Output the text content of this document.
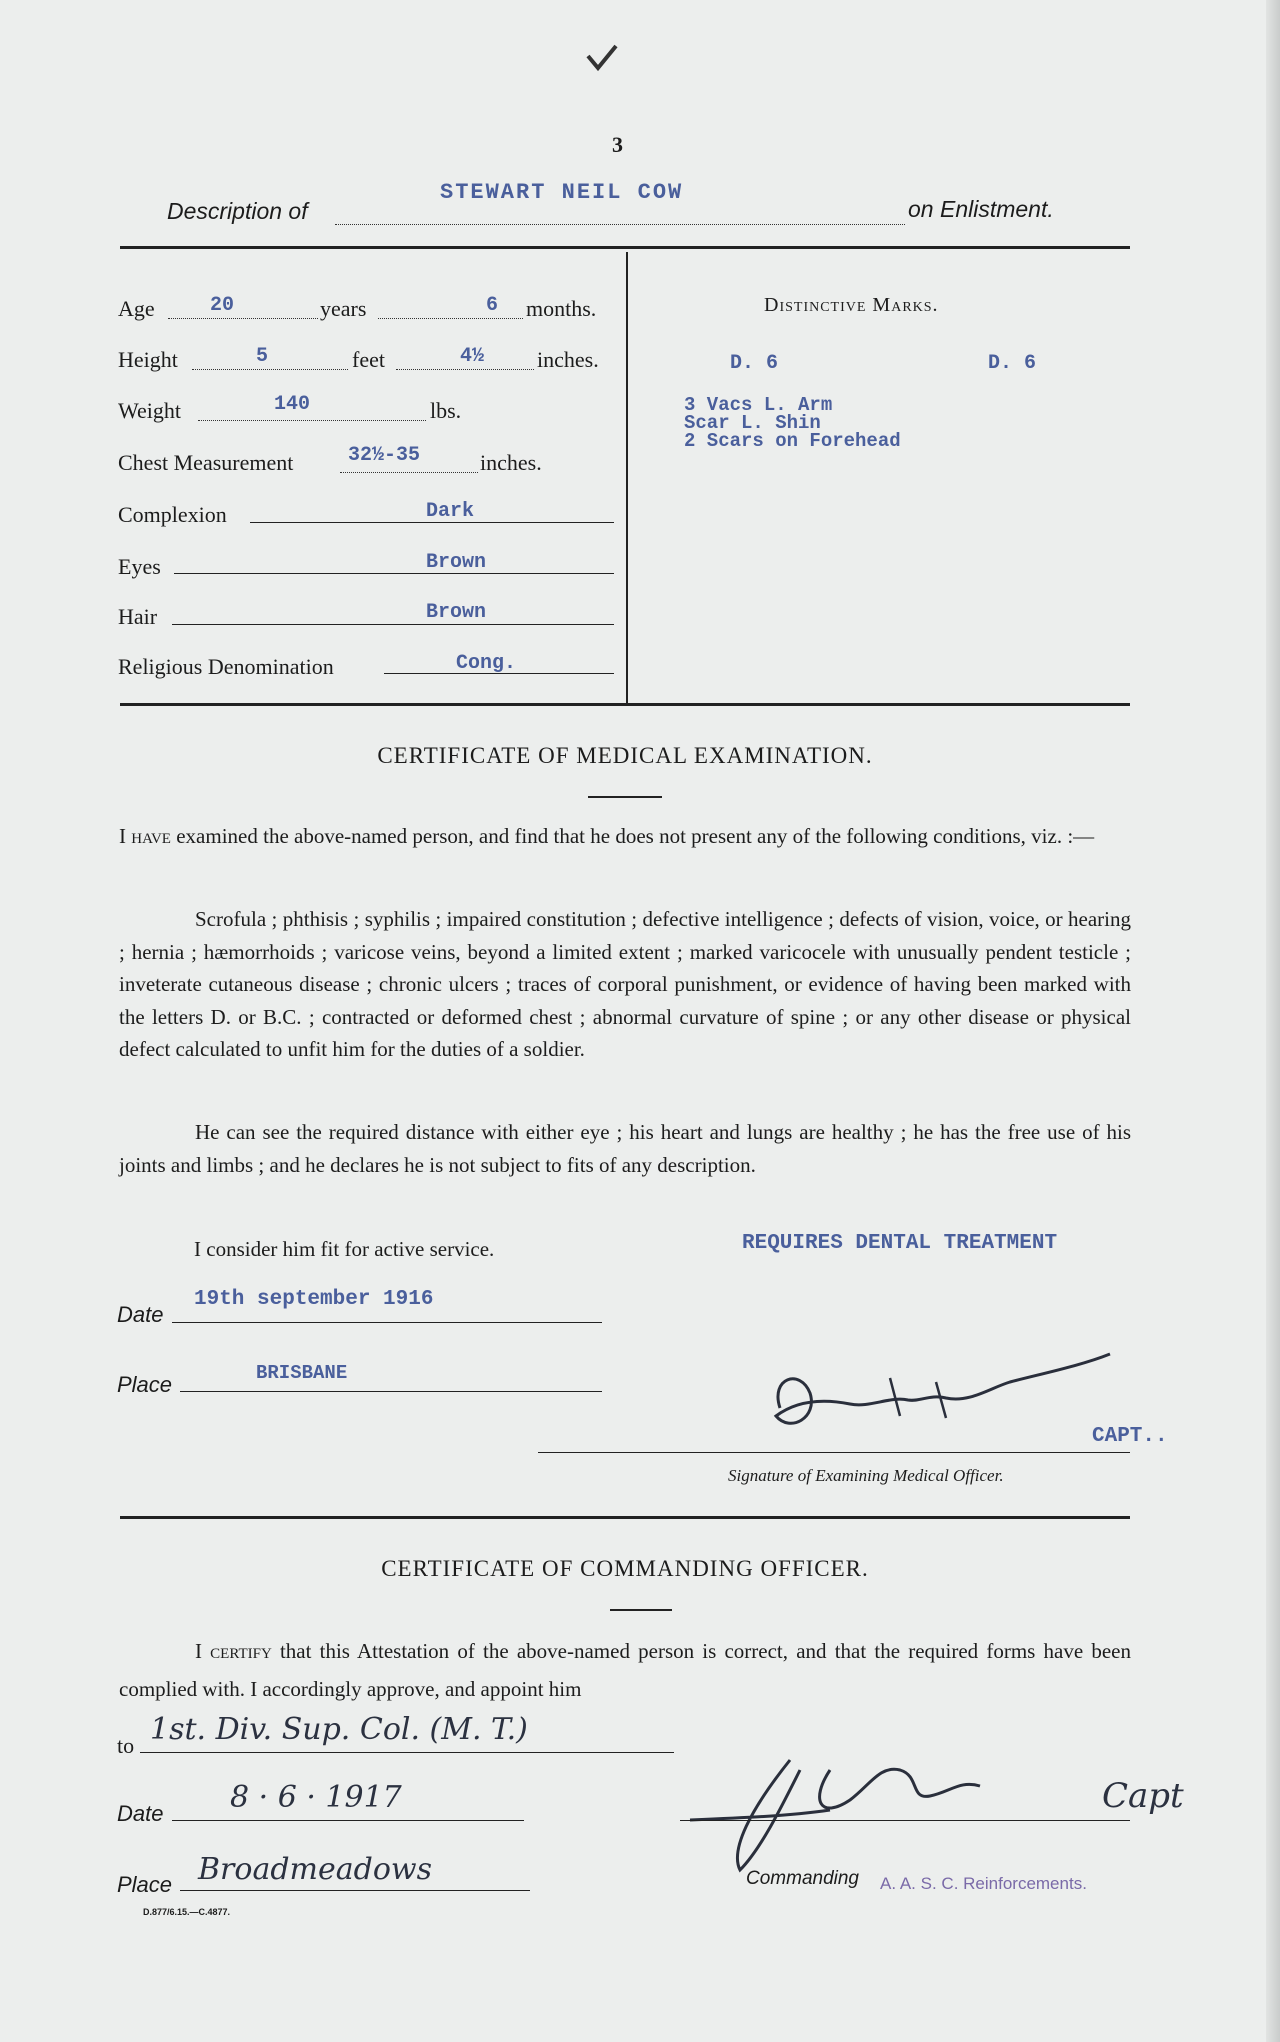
3
Description of
STEWART NEIL COW
on Enlistment.
Age	20	years	6 months.
Height	5	feet	4½ inches.
Weight	140	lbs.
Chest Measurement	32½-35	inches.
Complexion	Dark
Eyes	Brown
Hair	Brown
Religious Denomination	Cong.
Distinctive Marks.
D. 6	D. 6
3 Vacs L. Arm
Scar L. Shin
2 Scars on Forehead
CERTIFICATE OF MEDICAL EXAMINATION.

I have examined the above-named person, and find that he does not present any of the following conditions, viz. :—

Scrofula ; phthisis ; syphilis ; impaired constitution ; defective intelligence ; defects of vision, voice, or hearing ; hernia ; hæmorrhoids ; varicose veins, beyond a limited extent ; marked varicocele with unusually pendent testicle ; inveterate cutaneous disease ; chronic ulcers ; traces of corporal punishment, or evidence of having been marked with the letters D. or B.C. ; contracted or deformed chest ; abnormal curvature of spine ; or any other disease or physical defect calculated to unfit him for the duties of a soldier.
He can see the required distance with either eye ; his heart and lungs are healthy ; he has the free use of his joints and limbs ; and he declares he is not subject to fits of any description.
I consider him fit for active service.	REQUIRES DENTAL TREATMENT
Date
19th september 1916
Place	BRISBANE
CAPT..
Signature of Examining Medical Officer.
CERTIFICATE OF COMMANDING OFFICER.
I certify that this Attestation of the above-named person is correct, and that the required forms have been complied with. I accordingly approve, and appoint him
to 1st. Div. Sup. Col. (M. T.)
Date 8 · 6 · 1917
Place Broadmeadows
Capt
Commanding A. A. S. C. Reinforcements.
D.877/6.15.—C.4877.
